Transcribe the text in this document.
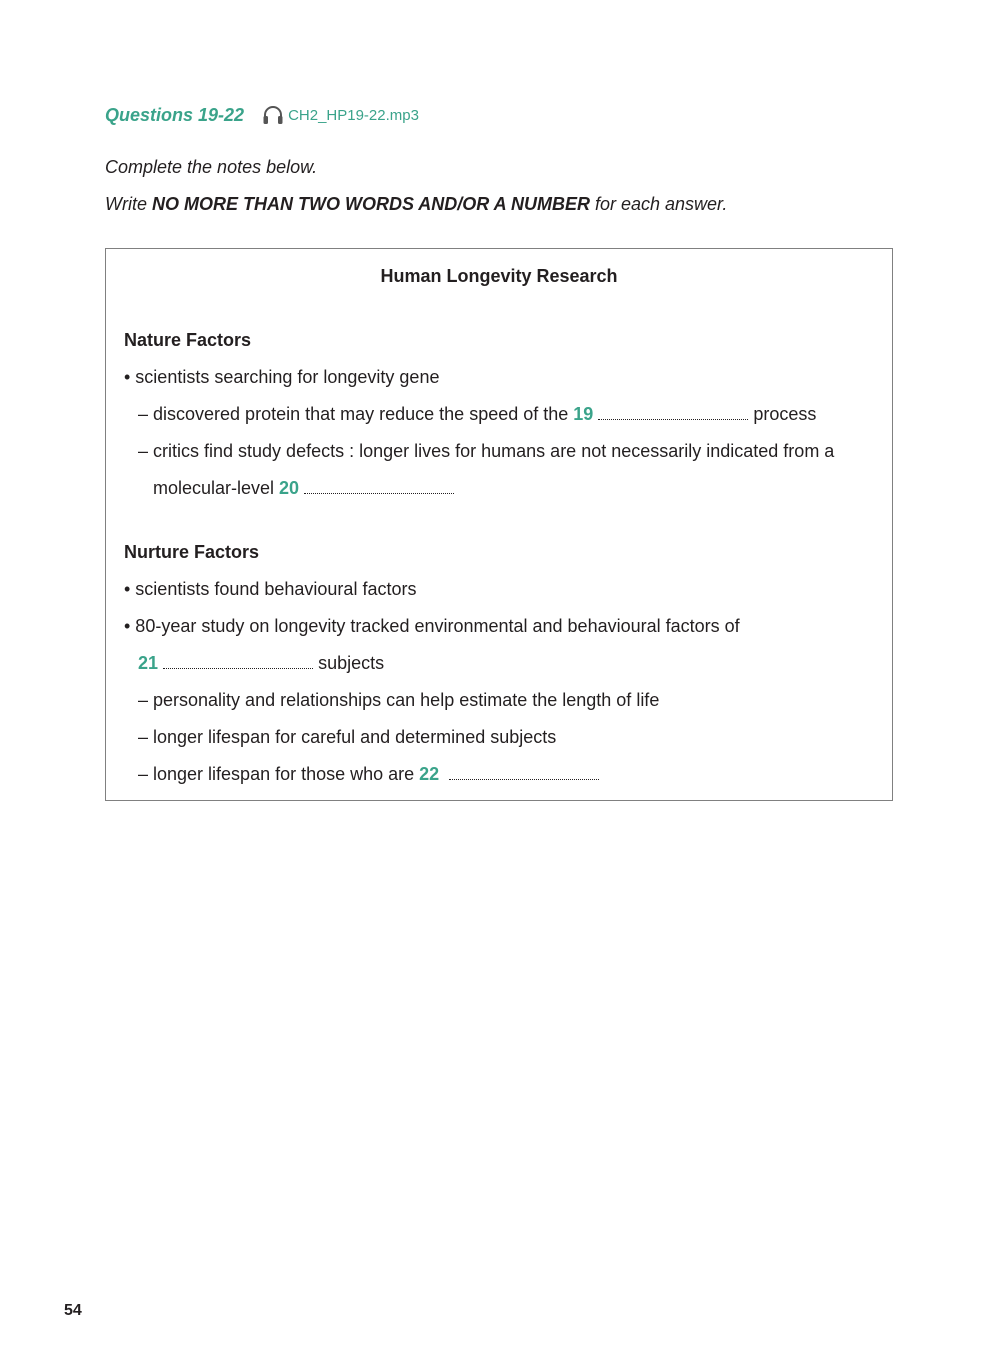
Questions 19-22	CH2_HP19-22.mp3
Complete the notes below.
Write NO MORE THAN TWO WORDS AND/OR A NUMBER for each answer.
Human Longevity Research
Nature Factors
• scientists searching for longevity gene
– discovered protein that may reduce the speed of the 19	process
– critics find study defects : longer lives for humans are not necessarily indicated from a
molecular-level 20
Nurture Factors
• scientists found behavioural factors
• 80-year study on longevity tracked environmental and behavioural factors of
21	subjects
– personality and relationships can help estimate the length of life
– longer lifespan for careful and determined subjects
– longer lifespan for those who are 22
54
